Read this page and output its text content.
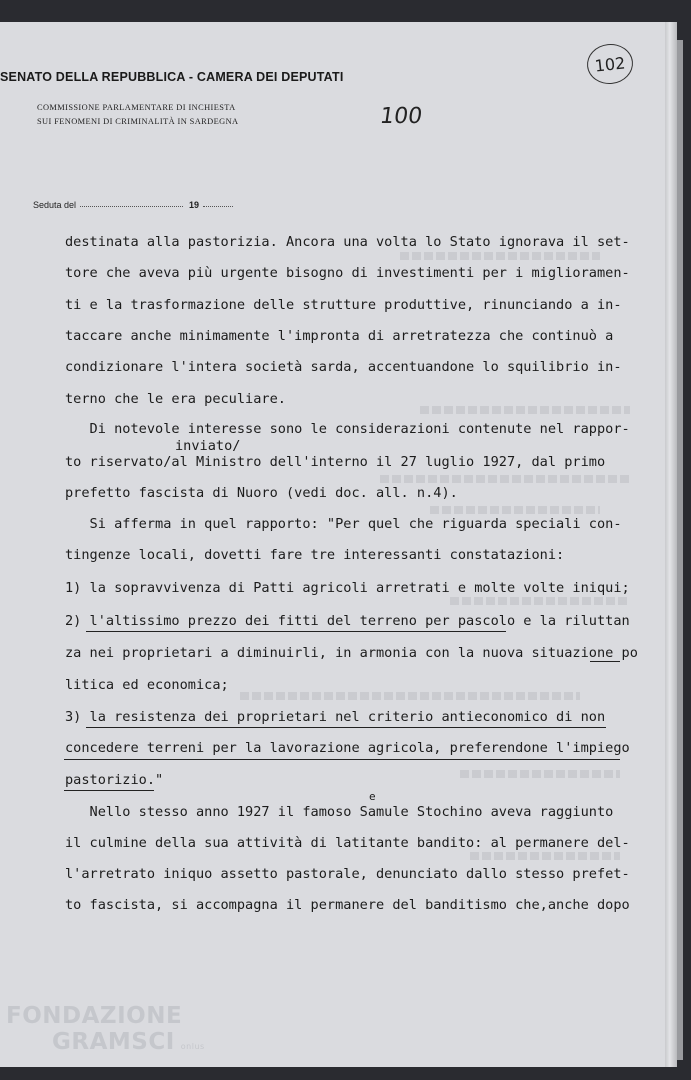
SENATO DELLA REPUBBLICA - CAMERA DEI DEPUTATI
COMMISSIONE PARLAMENTARE DI INCHIESTA
SUI FENOMENI DI CRIMINALITÀ IN SARDEGNA	100
102
Seduta del	19
destinata alla pastorizia. Ancora una volta lo Stato ignorava il set-
tore che aveva più urgente bisogno di investimenti per i miglioramen-
ti e la trasformazione delle strutture produttive, rinunciando a in-
taccare anche minimamente l'impronta di arretratezza che continuò a
condizionare l'intera società sarda, accentuandone lo squilibrio in-
terno che le era peculiare.
Di notevole interesse sono le considerazioni contenute nel rappor-
inviato/
to riservato/al Ministro dell'interno il 27 luglio 1927, dal primo
prefetto fascista di Nuoro (vedi doc. all. n.4).
Si afferma in quel rapporto: "Per quel che riguarda speciali con-
tingenze locali, dovetti fare tre interessanti constatazioni:
1) la sopravvivenza di Patti agricoli arretrati e molte volte iniqui;
2) l'altissimo prezzo dei fitti del terreno per pascolo e la riluttan
za nei proprietari a diminuirli, in armonia con la nuova situazione po
litica ed economica;
3) la resistenza dei proprietari nel criterio antieconomico di non
concedere terreni per la lavorazione agricola, preferendone l'impiego
pastorizio."
e
Nello stesso anno 1927 il famoso Samule Stochino aveva raggiunto
il culmine della sua attività di latitante bandito: al permanere del-
l'arretrato iniquo assetto pastorale, denunciato dallo stesso prefet-
to fascista, si accompagna il permanere del banditismo che,anche dopo
FONDAZIONE
GRAMSCI onlus
